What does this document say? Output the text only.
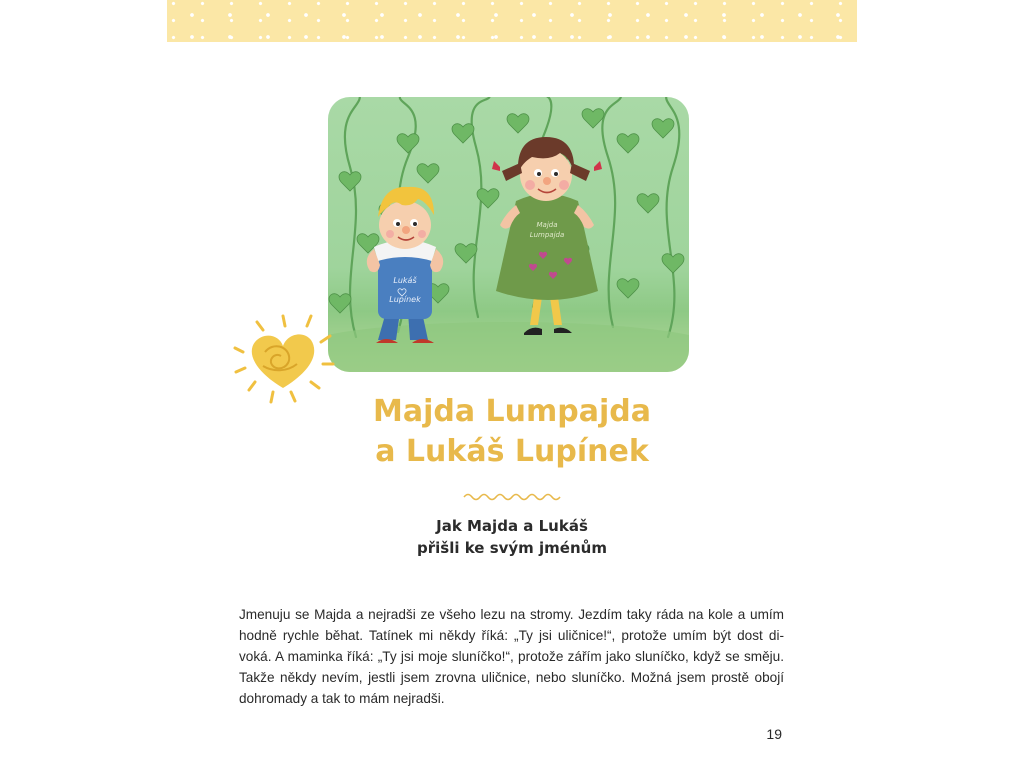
Lukáš
Lupínek
Majda
Lumpajda
Majda Lumpajda
a Lukáš Lupínek
Jak Majda a Lukáš
přišli ke svým jménům
Jmenuju se Majda a nejradši ze všeho lezu na stromy. Jezdím taky ráda na kole a umím
hodně rychle běhat. Tatínek mi někdy říká: „Ty jsi uličnice!“, protože umím být dost di-
voká. A maminka říká: „Ty jsi moje sluníčko!“, protože zářím jako sluníčko, když se směju.
Takže někdy nevím, jestli jsem zrovna uličnice, nebo sluníčko. Možná jsem prostě obojí
dohromady a tak to mám nejradši.
19
